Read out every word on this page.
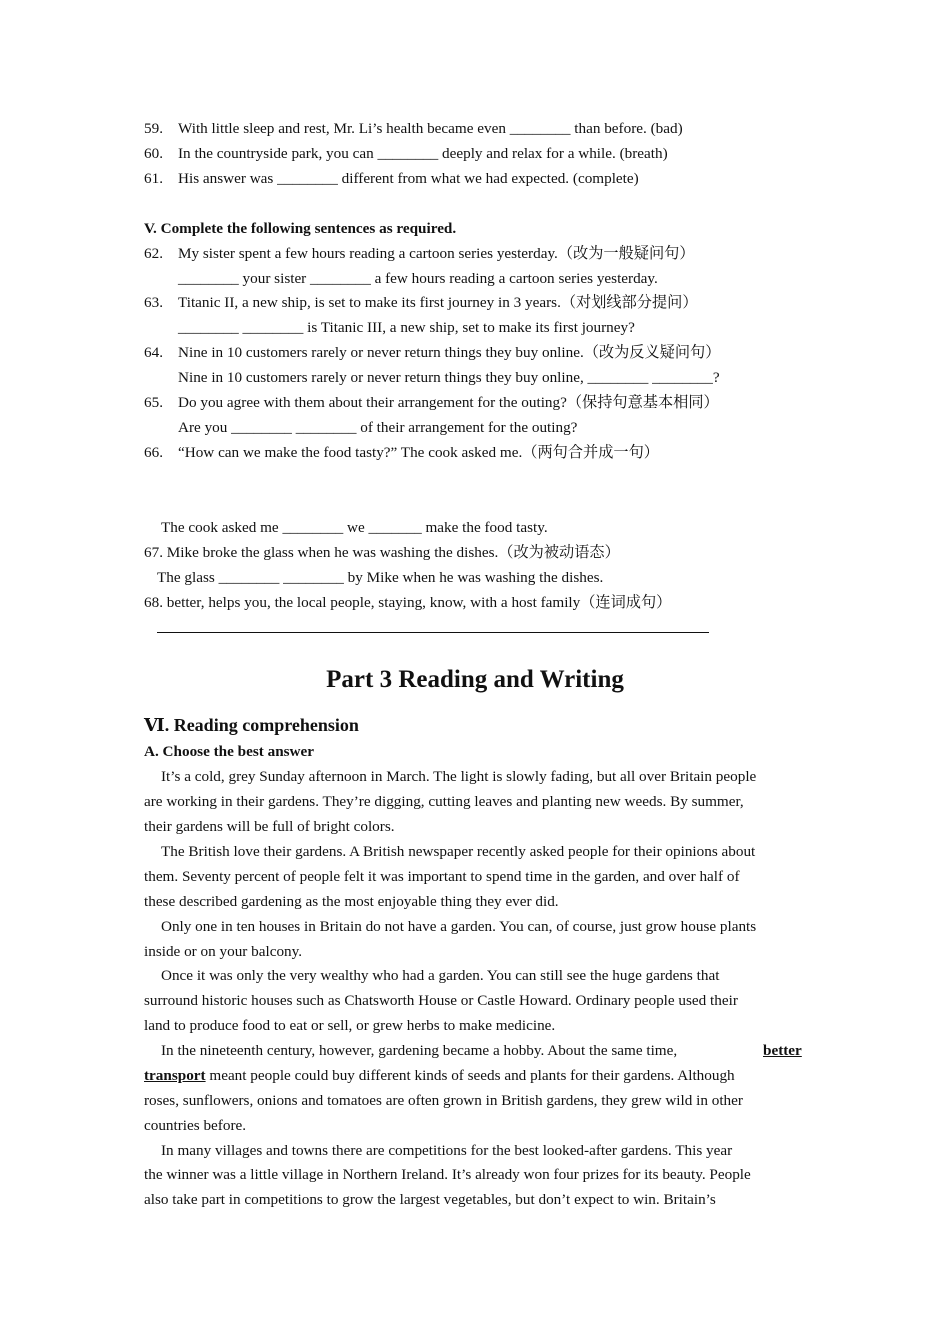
59. With little sleep and rest, Mr. Li’s health became even ________ than before. (bad)
60. In the countryside park, you can ________ deeply and relax for a while. (breath)
61. His answer was ________ different from what we had expected. (complete)
V. Complete the following sentences as required.
62. My sister spent a few hours reading a cartoon series yesterday.（改为一般疑问句）
________ your sister ________ a few hours reading a cartoon series yesterday.
63. Titanic II, a new ship, is set to make its first journey in 3 years.（对划线部分提问）
________ ________ is Titanic III, a new ship, set to make its first journey?
64. Nine in 10 customers rarely or never return things they buy online.（改为反义疑问句）
Nine in 10 customers rarely or never return things they buy online, ________ ________?
65. Do you agree with them about their arrangement for the outing?（保持句意基本相同）
Are you ________ ________ of their arrangement for the outing?
66. “How can we make the food tasty?” The cook asked me.（两句合并成一句）
The cook asked me ________ we _______ make the food tasty.
67. Mike broke the glass when he was washing the dishes.（改为被动语态）
The glass ________ ________ by Mike when he was washing the dishes.
68. better, helps you, the local people, staying, know, with a host family（连词成句）
Part 3 Reading and Writing
Ⅵ. Reading comprehension
A. Choose the best answer
It’s a cold, grey Sunday afternoon in March. The light is slowly fading, but all over Britain people
are working in their gardens. They’re digging, cutting leaves and planting new weeds. By summer,
their gardens will be full of bright colors.
The British love their gardens. A British newspaper recently asked people for their opinions about
them. Seventy percent of people felt it was important to spend time in the garden, and over half of
these described gardening as the most enjoyable thing they ever did.
Only one in ten houses in Britain do not have a garden. You can, of course, just grow house plants
inside or on your balcony.
Once it was only the very wealthy who had a garden. You can still see the huge gardens that
surround historic houses such as Chatsworth House or Castle Howard. Ordinary people used their
land to produce food to eat or sell, or grew herbs to make medicine.
In the nineteenth century, however, gardening became a hobby. About the same time,	better
transport meant people could buy different kinds of seeds and plants for their gardens. Although
roses, sunflowers, onions and tomatoes are often grown in British gardens, they grew wild in other
countries before.
In many villages and towns there are competitions for the best looked-after gardens. This year
the winner was a little village in Northern Ireland. It’s already won four prizes for its beauty. People
also take part in competitions to grow the largest vegetables, but don’t expect to win. Britain’s
